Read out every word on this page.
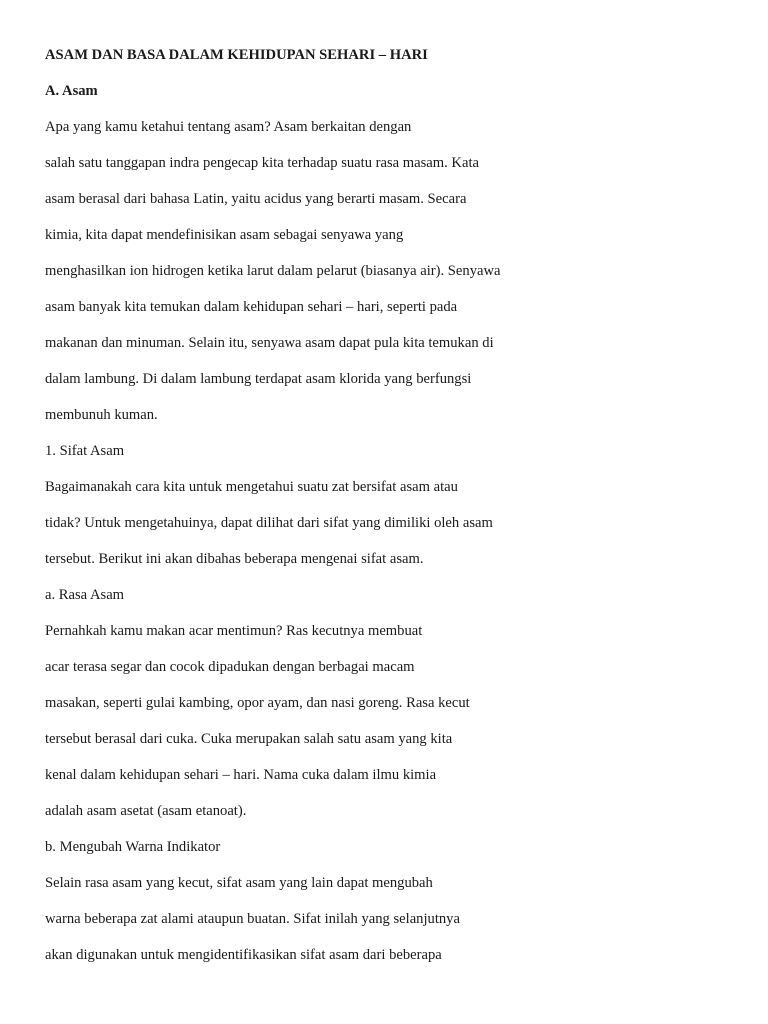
ASAM DAN BASA DALAM KEHIDUPAN SEHARI – HARI

A. Asam

Apa yang kamu ketahui tentang asam? Asam berkaitan dengan

salah satu tanggapan indra pengecap kita terhadap suatu rasa masam. Kata

asam berasal dari bahasa Latin, yaitu acidus yang berarti masam. Secara

kimia, kita dapat mendefinisikan asam sebagai senyawa yang

menghasilkan ion hidrogen ketika larut dalam pelarut (biasanya air). Senyawa

asam banyak kita temukan dalam kehidupan sehari – hari, seperti pada

makanan dan minuman. Selain itu, senyawa asam dapat pula kita temukan di

dalam lambung. Di dalam lambung terdapat asam klorida yang berfungsi

membunuh kuman.

1. Sifat Asam

Bagaimanakah cara kita untuk mengetahui suatu zat bersifat asam atau

tidak? Untuk mengetahuinya, dapat dilihat dari sifat yang dimiliki oleh asam

tersebut. Berikut ini akan dibahas beberapa mengenai sifat asam.

a. Rasa Asam

Pernahkah kamu makan acar mentimun? Ras kecutnya membuat

acar terasa segar dan cocok dipadukan dengan berbagai macam

masakan, seperti gulai kambing, opor ayam, dan nasi goreng. Rasa kecut

tersebut berasal dari cuka. Cuka merupakan salah satu asam yang kita

kenal dalam kehidupan sehari – hari. Nama cuka dalam ilmu kimia

adalah asam asetat (asam etanoat).

b. Mengubah Warna Indikator

Selain rasa asam yang kecut, sifat asam yang lain dapat mengubah

warna beberapa zat alami ataupun buatan. Sifat inilah yang selanjutnya

akan digunakan untuk mengidentifikasikan sifat asam dari beberapa
